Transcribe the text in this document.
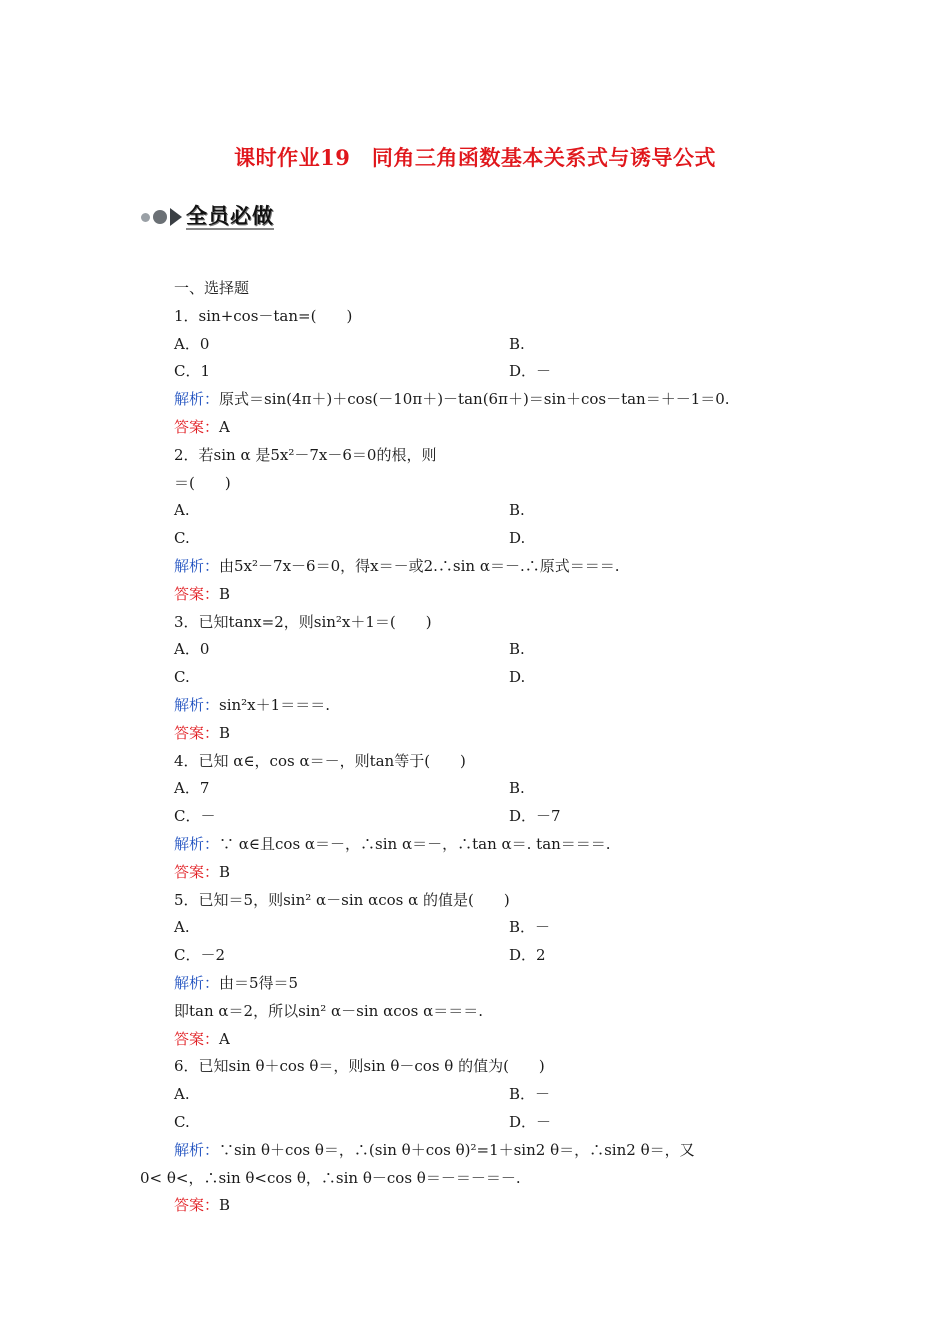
课时作业19　同角三角函数基本关系式与诱导公式
全员必做
一、选择题
1．sin+cos－tan=(　　)
A．0	B.
C．1	D．－
解析：原式＝sin(4π＋)＋cos(－10π＋)－tan(6π＋)＝sin＋cos－tan＝＋－1＝0.
答案：A
2．若sin α 是5x²－7x－6＝0的根，则
＝(　　)
A.	B.
C.	D.
解析：由5x²－7x－6＝0，得x＝－或2.∴sin α＝－.∴原式＝＝＝.
答案：B
3．已知tanx=2，则sin²x＋1＝(　　)
A．0	B.
C.	D.
解析：sin²x＋1＝＝＝.
答案：B
4．已知 α∈，cos α＝－，则tan等于(　　)
A．7	B.
C．－	D．－7
解析：∵ α∈且cos α＝－，∴sin α＝－，∴tan α＝. tan＝＝＝.
答案：B
5．已知＝5，则sin² α－sin αcos α 的值是(　　)
A.	B．－
C．－2	D．2
解析：由＝5得＝5
即tan α＝2，所以sin² α－sin αcos α＝＝＝.
答案：A
6．已知sin θ＋cos θ＝，则sin θ－cos θ 的值为(　　)
A.	B．－
C.	D．－
解析：∵sin θ＋cos θ＝，∴(sin θ＋cos θ)²=1＋sin2 θ＝，∴sin2 θ＝，又
0< θ<，∴sin θ<cos θ，∴sin θ－cos θ＝－＝－＝－.
答案：B
